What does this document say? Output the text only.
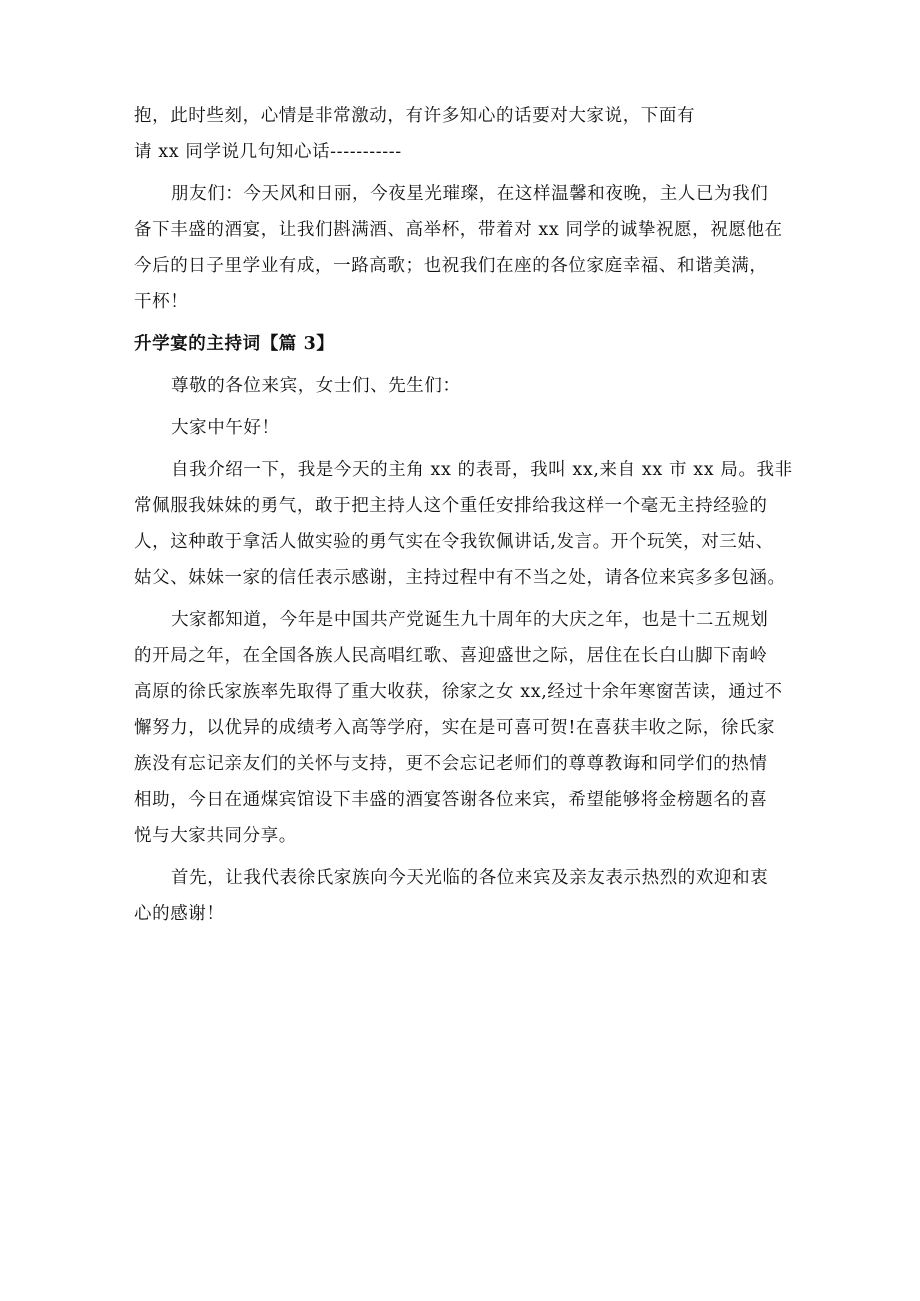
抱，此时些刻，心情是非常激动，有许多知心的话要对大家说，下面有
请 xx 同学说几句知心话-----------
朋友们：今天风和日丽，今夜星光璀璨，在这样温馨和夜晚，主人已为我们
备下丰盛的酒宴，让我们斟满酒、高举杯，带着对 xx 同学的诚挚祝愿，祝愿他在
今后的日子里学业有成，一路高歌；也祝我们在座的各位家庭幸福、和谐美满，
干杯！
升学宴的主持词【篇 3】
尊敬的各位来宾，女士们、先生们：
大家中午好！
自我介绍一下，我是今天的主角 xx 的表哥，我叫 xx,来自 xx 市 xx 局。我非
常佩服我妹妹的勇气，敢于把主持人这个重任安排给我这样一个毫无主持经验的
人，这种敢于拿活人做实验的勇气实在令我钦佩讲话,发言。开个玩笑，对三姑、
姑父、妹妹一家的信任表示感谢，主持过程中有不当之处，请各位来宾多多包涵。
大家都知道，今年是中国共产党诞生九十周年的大庆之年，也是十二五规划
的开局之年，在全国各族人民高唱红歌、喜迎盛世之际，居住在长白山脚下南岭
高原的徐氏家族率先取得了重大收获，徐家之女 xx,经过十余年寒窗苦读，通过不
懈努力，以优异的成绩考入高等学府，实在是可喜可贺!在喜获丰收之际，徐氏家
族没有忘记亲友们的关怀与支持，更不会忘记老师们的尊尊教诲和同学们的热情
相助，今日在通煤宾馆设下丰盛的酒宴答谢各位来宾，希望能够将金榜题名的喜
悦与大家共同分享。
首先，让我代表徐氏家族向今天光临的各位来宾及亲友表示热烈的欢迎和衷
心的感谢！
